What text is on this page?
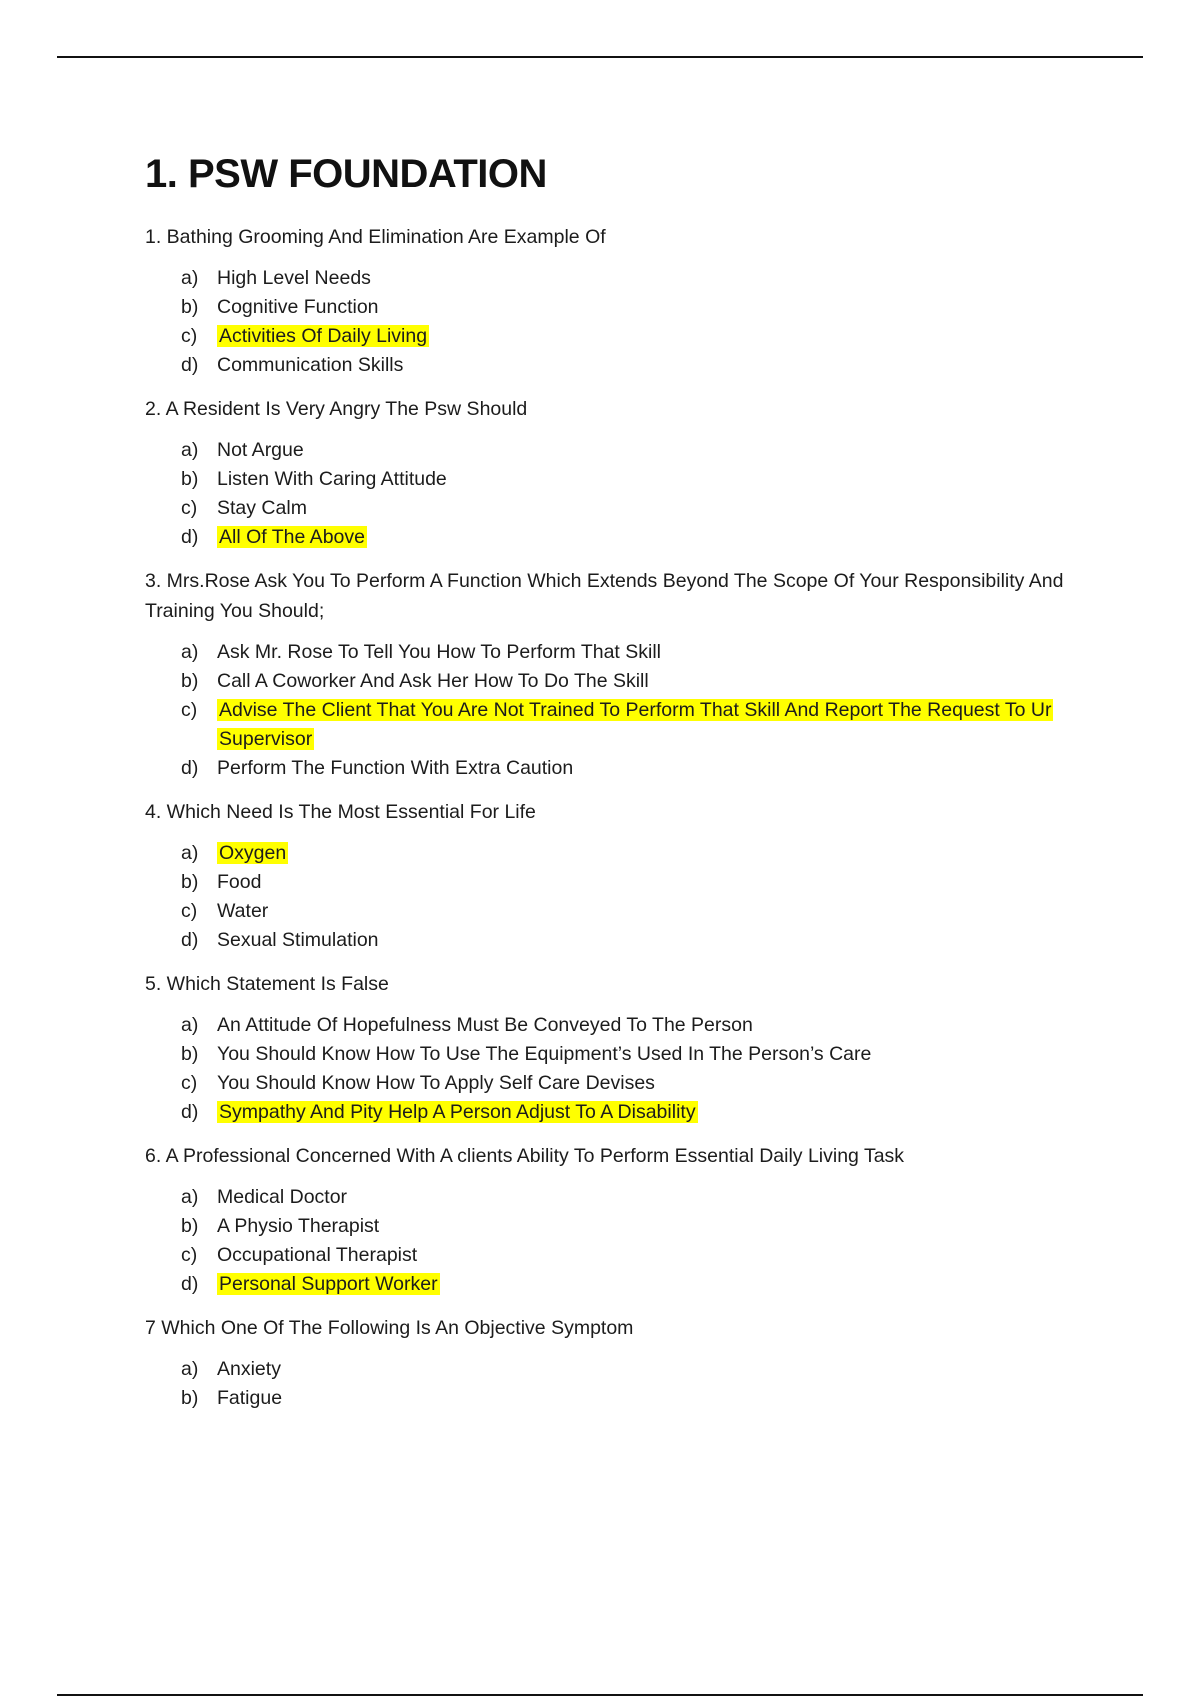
1. PSW FOUNDATION

1. Bathing Grooming And Elimination Are Example Of

a) High Level Needs
b) Cognitive Function
c)	Activities Of Daily Living
d) Communication Skills

2. A Resident Is Very Angry The Psw Should

a) Not Argue
b) Listen With Caring Attitude
c)	Stay Calm
d)	All Of The Above

3. Mrs.Rose Ask You To Perform A Function Which Extends Beyond The Scope Of Your Responsibility And Training You Should;

a) Ask Mr. Rose To Tell You How To Perform That Skill
b) Call A Coworker And Ask Her How To Do The Skill
c)	Advise The Client That You Are Not Trained To Perform That Skill And Report The Request To Ur Supervisor
d) Perform The Function With Extra Caution

4. Which Need Is The Most Essential For Life

a)	Oxygen
b) Food
c)	Water
d) Sexual Stimulation

5. Which Statement Is False

a) An Attitude Of Hopefulness Must Be Conveyed To The Person
b) You Should Know How To Use The Equipment’s Used In The Person’s Care
c)	You Should Know How To Apply Self Care Devises
d)	Sympathy And Pity Help A Person Adjust To A Disability

6. A Professional Concerned With A clients Ability To Perform Essential Daily Living Task

a) Medical Doctor
b) A Physio Therapist
c)	Occupational Therapist
d)	Personal Support Worker

7 Which One Of The Following Is An Objective Symptom

a) Anxiety
b) Fatigue
